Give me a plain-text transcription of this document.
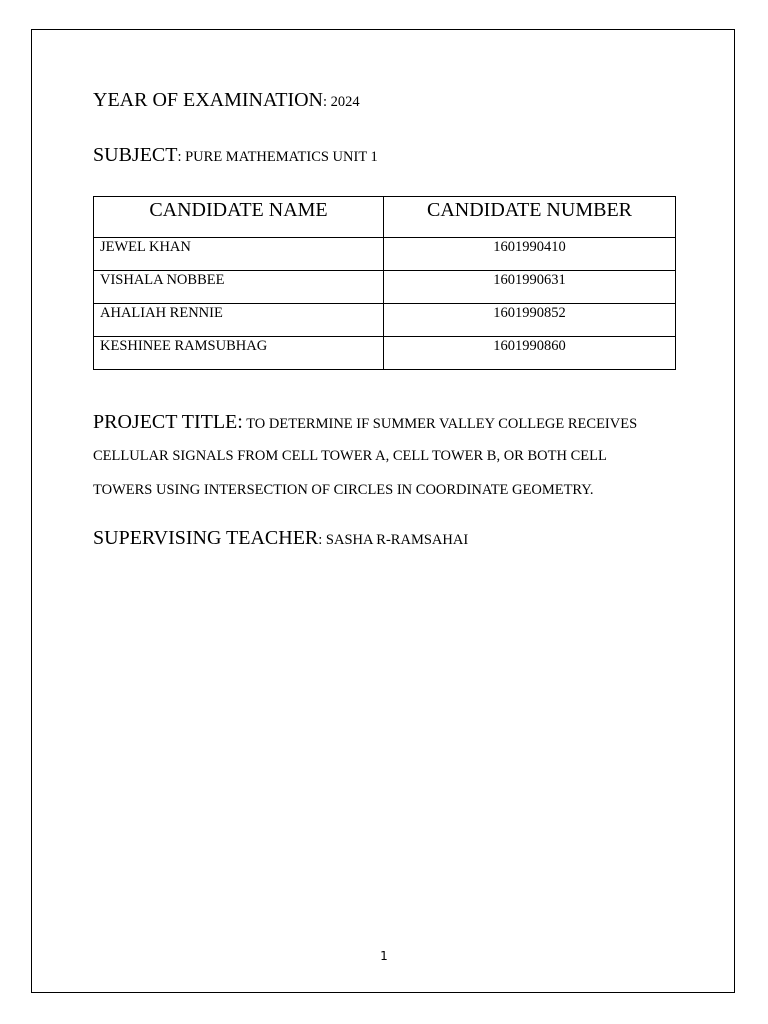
YEAR OF EXAMINATION: 2024
SUBJECT: PURE MATHEMATICS UNIT 1
CANDIDATE NAME	CANDIDATE NUMBER
JEWEL KHAN	1601990410
VISHALA NOBBEE	1601990631
AHALIAH RENNIE	1601990852
KESHINEE RAMSUBHAG	1601990860
PROJECT TITLE: TO DETERMINE IF SUMMER VALLEY COLLEGE RECEIVES
CELLULAR SIGNALS FROM CELL TOWER A, CELL TOWER B, OR BOTH CELL
TOWERS USING INTERSECTION OF CIRCLES IN COORDINATE GEOMETRY.
SUPERVISING TEACHER: SASHA R-RAMSAHAI
1
